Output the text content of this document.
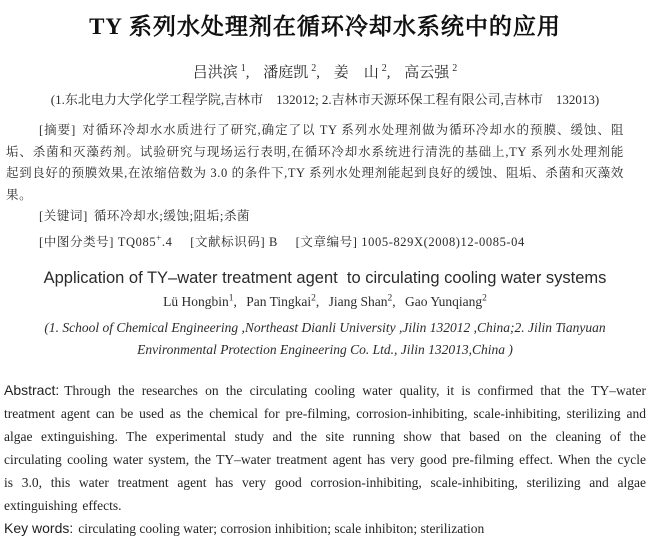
TY 系列水处理剂在循环冷却水系统中的应用
吕洪滨 $^1$, 潘庭凯 $^2$, 姜　山 $^2$, 高云强 $^2$
(1.东北电力大学化学工程学院,吉林市　132012; 2.吉林市天源环保工程有限公司,吉林市　132013)

[摘要] 对循环冷却水水质进行了研究,确定了以 TY 系列水处理剂做为循环冷却水的预膜、缓蚀、阻垢、杀菌和灭藻药剂。试验研究与现场运行表明,在循环冷却水系统进行清洗的基础上,TY 系列水处理剂能起到良好的预膜效果,在浓缩倍数为 3.0 的条件下,TY 系列水处理剂能起到良好的缓蚀、阻垢、杀菌和灭藻效果。

[关键词] 循环冷却水;缓蚀;阻垢;杀菌

[中图分类号] TQ085+.4 [文献标识码] B [文章编号] 1005-829X(2008)12-0085-04

Application of TY–water treatment agent  to circulating cooling water systems
Lü Hongbin$^1$, Pan Tingkai$^2$, Jiang Shan$^2$, Gao Yunqiang$^2$
(1. School of Chemical Engineering ,Northeast Dianli University ,Jilin 132012 ,China;2. Jilin Tianyuan
Environmental Protection Engineering Co. Ltd., Jilin 132013,China )

Abstract: Through the researches on the circulating cooling water quality, it is confirmed that the TY–water treatment agent can be used as the chemical for pre-filming, corrosion-inhibiting, scale-inhibiting, sterilizing and algae extinguishing. The experimental study and the site running show that based on the cleaning of the circulating cooling water system, the TY–water treatment agent has very good pre-filming effect. When the cycle is 3.0, this water treatment agent has very good corrosion-inhibiting, scale-inhibiting, sterilizing and algae extinguishing effects.

Key words: circulating cooling water; corrosion inhibition; scale inhibiton; sterilization
